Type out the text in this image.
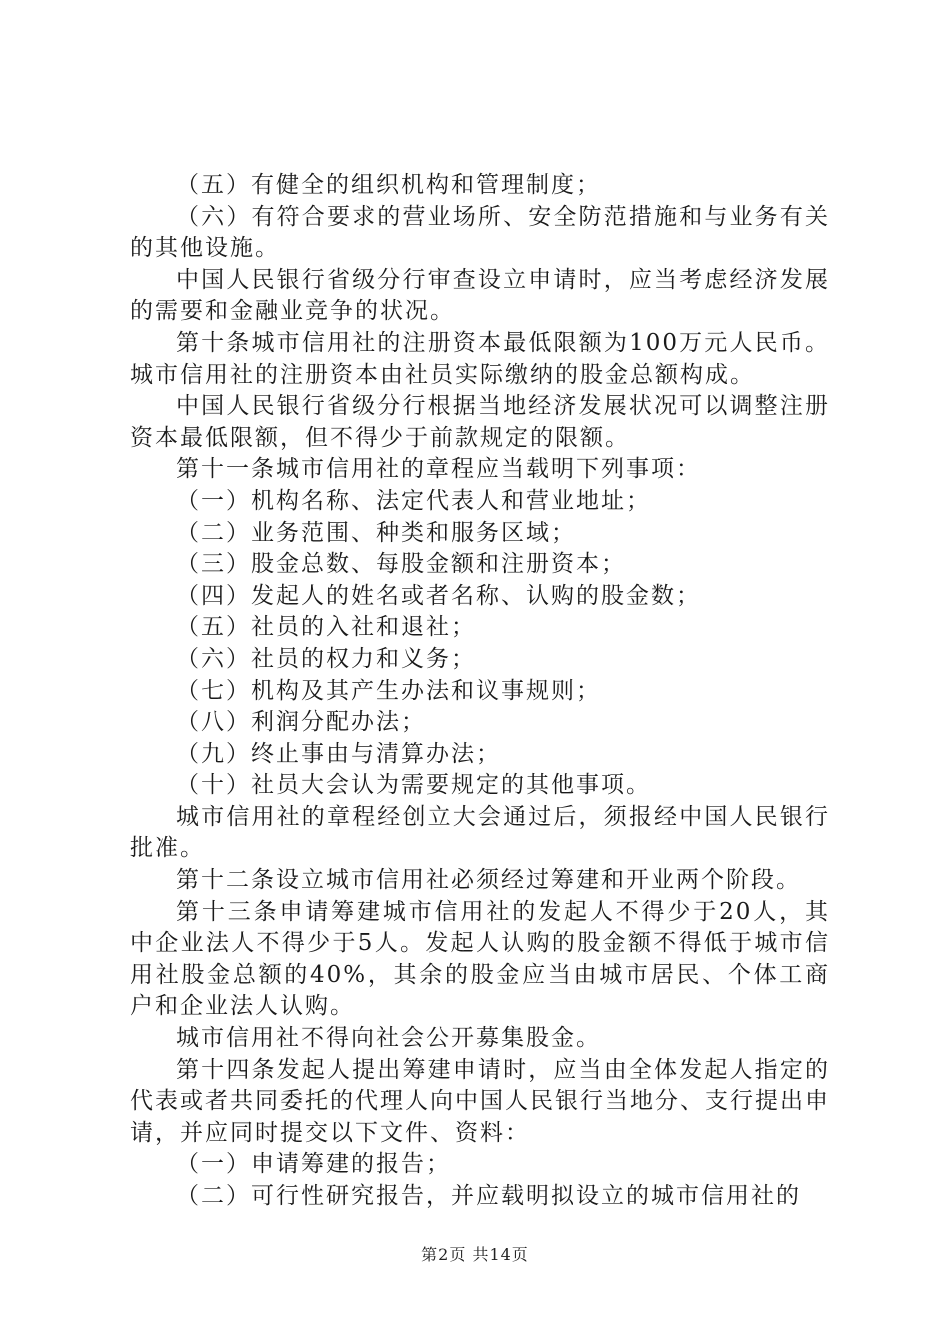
（五）有健全的组织机构和管理制度；

（六）有符合要求的营业场所、安全防范措施和与业务有关的其他设施。

中国人民银行省级分行审查设立申请时，应当考虑经济发展的需要和金融业竞争的状况。

第十条城市信用社的注册资本最低限额为100万元人民币。城市信用社的注册资本由社员实际缴纳的股金总额构成。

中国人民银行省级分行根据当地经济发展状况可以调整注册资本最低限额，但不得少于前款规定的限额。

第十一条城市信用社的章程应当载明下列事项：

（一）机构名称、法定代表人和营业地址；

（二）业务范围、种类和服务区域；

（三）股金总数、每股金额和注册资本；

（四）发起人的姓名或者名称、认购的股金数；

（五）社员的入社和退社；

（六）社员的权力和义务；

（七）机构及其产生办法和议事规则；

（八）利润分配办法；

（九）终止事由与清算办法；

（十）社员大会认为需要规定的其他事项。

城市信用社的章程经创立大会通过后，须报经中国人民银行批准。

第十二条设立城市信用社必须经过筹建和开业两个阶段。

第十三条申请筹建城市信用社的发起人不得少于20人，其中企业法人不得少于5人。发起人认购的股金额不得低于城市信用社股金总额的40%，其余的股金应当由城市居民、个体工商户和企业法人认购。

城市信用社不得向社会公开募集股金。

第十四条发起人提出筹建申请时，应当由全体发起人指定的代表或者共同委托的代理人向中国人民银行当地分、支行提出申请，并应同时提交以下文件、资料：

（一）申请筹建的报告；

（二）可行性研究报告，并应载明拟设立的城市信用社的

第2页 共14页
